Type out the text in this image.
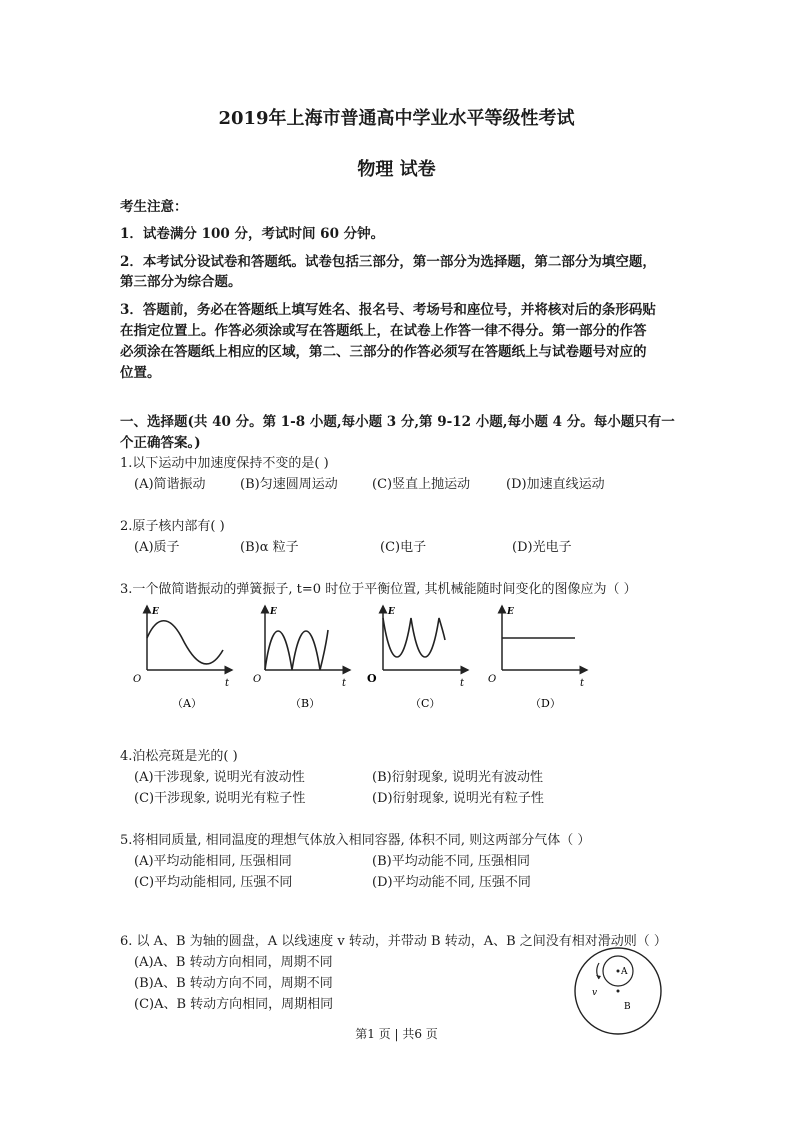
2019年上海市普通高中学业水平等级性考试
物理 试卷
考生注意：
1．试卷满分 100 分，考试时间 60 分钟。
2．本考试分设试卷和答题纸。试卷包括三部分，第一部分为选择题，第二部分为填空题，
第三部分为综合题。
3．答题前，务必在答题纸上填写姓名、报名号、考场号和座位号，并将核对后的条形码贴
在指定位置上。作答必须涂或写在答题纸上，在试卷上作答一律不得分。第一部分的作答
必须涂在答题纸上相应的区域，第二、三部分的作答必须写在答题纸上与试卷题号对应的
位置。
一、选择题(共 40 分。第 1-8 小题,每小题 3 分,第 9-12 小题,每小题 4 分。每小题只有一
个正确答案。)
1.以下运动中加速度保持不变的是( )
(A)简谐振动	(B)匀速圆周运动	(C)竖直上抛运动	(D)加速直线运动
2.原子核内部有( )
(A)质子	(B)α 粒子	(C)电子	(D)光电子
3.一个做简谐振动的弹簧振子, t=0 时位于平衡位置, 其机械能随时间变化的图像应为（ ）
E
t
O
E
t
O
E
t
O
E
t
O
（A）	（B）	（C）	（D）
4.泊松亮斑是光的( )
(A)干涉现象, 说明光有波动性	(B)衍射现象, 说明光有波动性
(C)干涉现象, 说明光有粒子性	(D)衍射现象, 说明光有粒子性
5.将相同质量, 相同温度的理想气体放入相同容器, 体积不同, 则这两部分气体（ ）
(A)平均动能相同, 压强相同	(B)平均动能不同, 压强相同
(C)平均动能相同, 压强不同	(D)平均动能不同, 压强不同
6. 以 A、B 为轴的圆盘，A 以线速度 v 转动，并带动 B 转动，A、B 之间没有相对滑动则（ ）
(A)A、B 转动方向相同，周期不同
(B)A、B 转动方向不同，周期不同
(C)A、B 转动方向相同，周期相同
A
B
v
第1 页 | 共6 页
